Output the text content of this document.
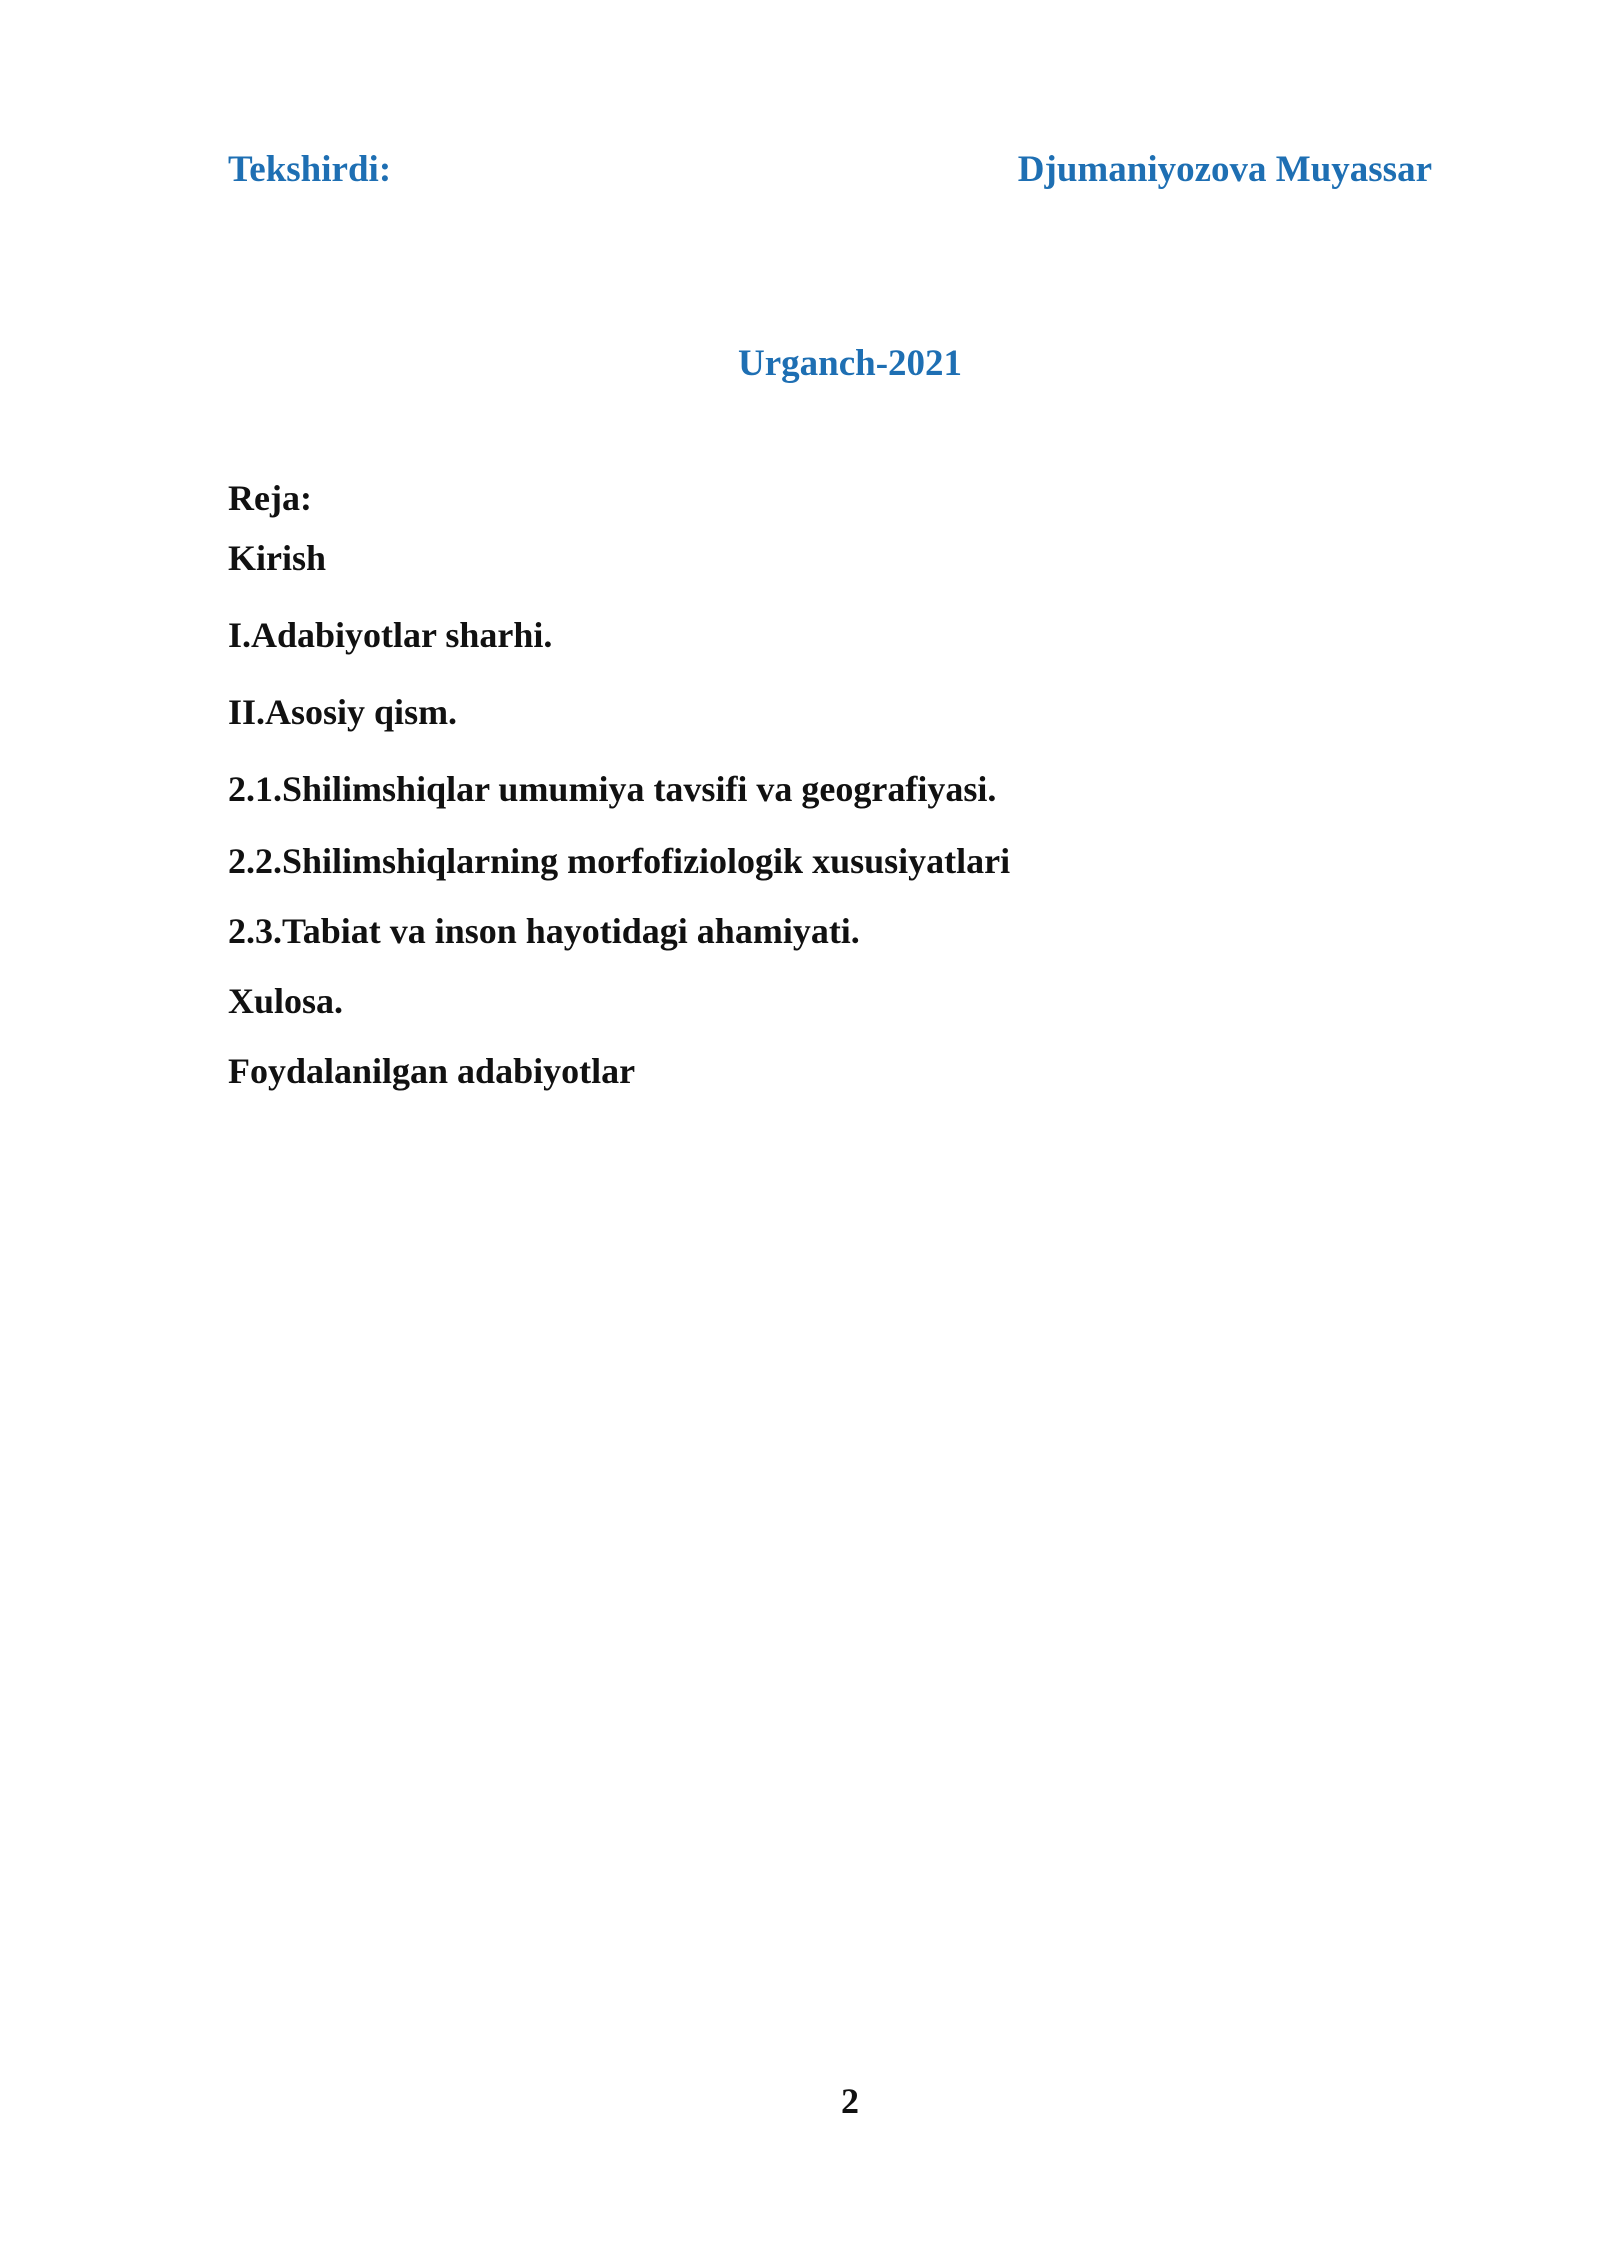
Tekshirdi:	Djumaniyozova Muyassar
Urganch-2021
Reja:
Kirish
I.Adabiyotlar sharhi.
II.Asosiy qism.
2.1.Shilimshiqlar umumiya tavsifi va geografiyasi.
2.2.Shilimshiqlarning morfofiziologik xususiyatlari
2.3.Tabiat va inson hayotidagi ahamiyati.
Xulosa.
Foydalanilgan adabiyotlar
2
